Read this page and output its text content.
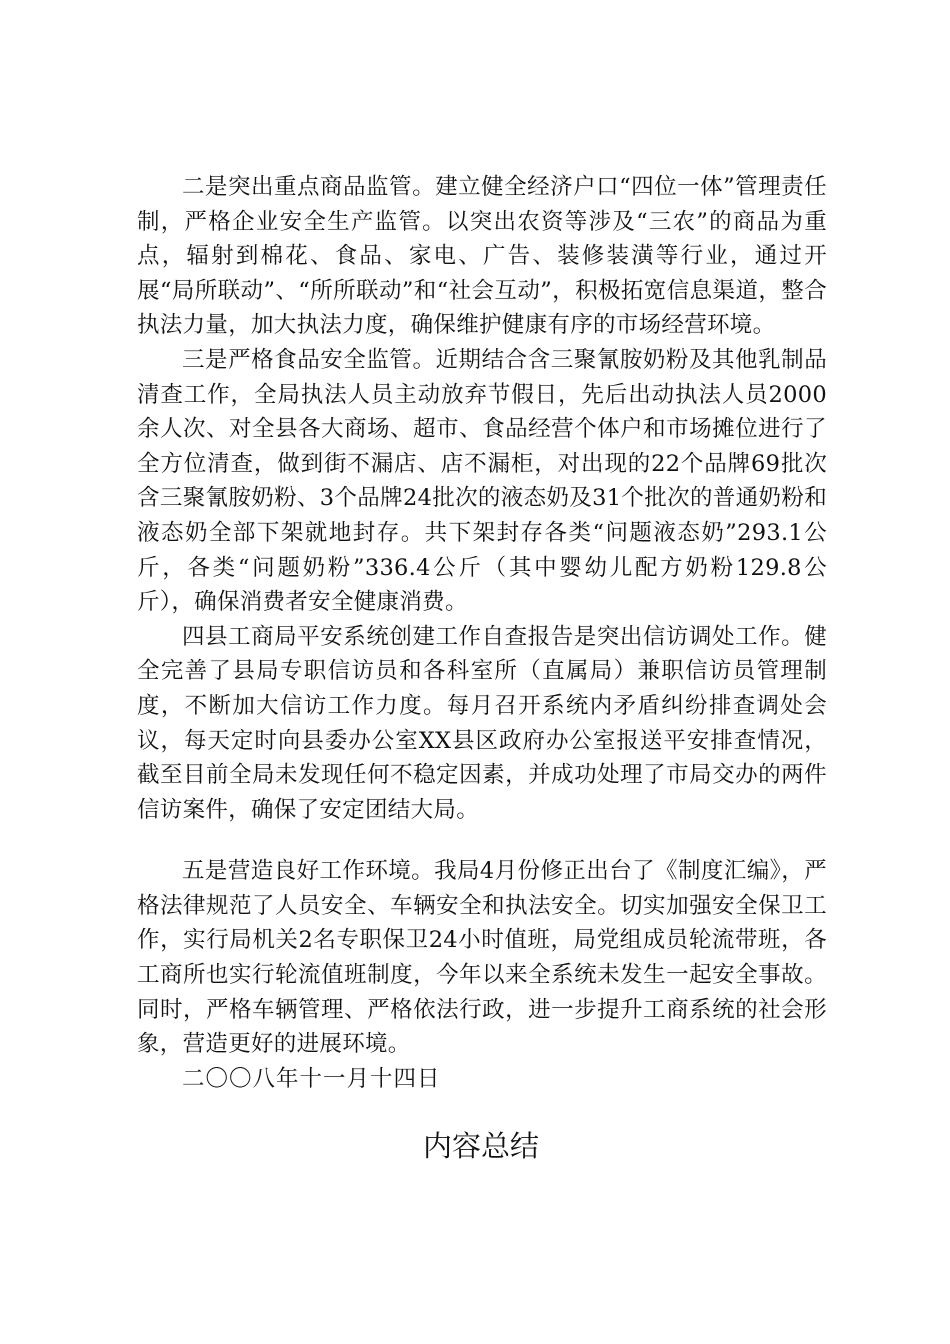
二是突出重点商品监管。建立健全经济户口“四位一体”管理责任制，严格企业安全生产监管。以突出农资等涉及“三农”的商品为重点，辐射到棉花、食品、家电、广告、装修装潢等行业，通过开展“局所联动”、“所所联动”和“社会互动”，积极拓宽信息渠道，整合执法力量，加大执法力度，确保维护健康有序的市场经营环境。

三是严格食品安全监管。近期结合含三聚氰胺奶粉及其他乳制品清查工作，全局执法人员主动放弃节假日，先后出动执法人员2000余人次、对全县各大商场、超市、食品经营个体户和市场摊位进行了全方位清查，做到街不漏店、店不漏柜，对出现的22个品牌69批次含三聚氰胺奶粉、3个品牌24批次的液态奶及31个批次的普通奶粉和液态奶全部下架就地封存。共下架封存各类“问题液态奶”293.1公斤，各类“问题奶粉”336.4公斤（其中婴幼儿配方奶粉129.8公斤），确保消费者安全健康消费。

四县工商局平安系统创建工作自查报告是突出信访调处工作。健全完善了县局专职信访员和各科室所（直属局）兼职信访员管理制度，不断加大信访工作力度。每月召开系统内矛盾纠纷排查调处会议，每天定时向县委办公室XX县区政府办公室报送平安排查情况，截至目前全局未发现任何不稳定因素，并成功处理了市局交办的两件信访案件，确保了安定团结大局。

五是营造良好工作环境。我局4月份修正出台了《制度汇编》，严格法律规范了人员安全、车辆安全和执法安全。切实加强安全保卫工作，实行局机关2名专职保卫24小时值班，局党组成员轮流带班，各工商所也实行轮流值班制度，今年以来全系统未发生一起安全事故。同时，严格车辆管理、严格依法行政，进一步提升工商系统的社会形象，营造更好的进展环境。

二〇〇八年十一月十四日

内容总结
